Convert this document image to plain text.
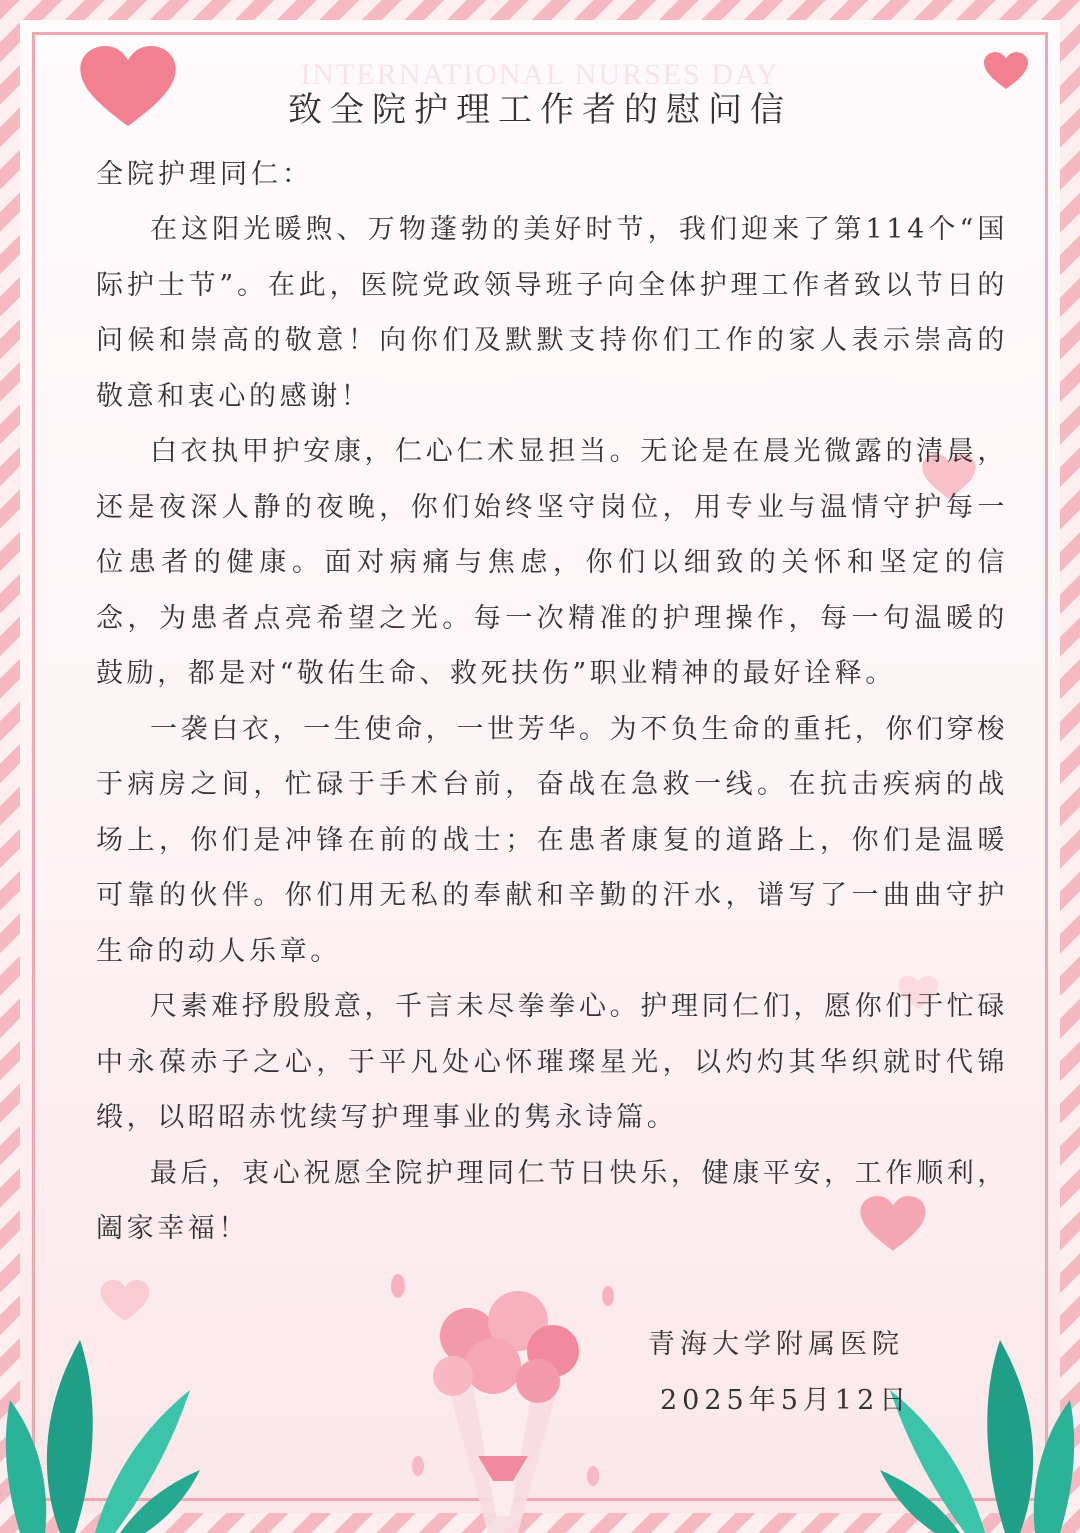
INTERNATIONAL NURSES DAY
致全院护理工作者的慰问信
全院护理同仁：

在这阳光暖煦、万物蓬勃的美好时节，我们迎来了第114个“国际护士节”。在此，医院党政领导班子向全体护理工作者致以节日的问候和崇高的敬意！向你们及默默支持你们工作的家人表示崇高的敬意和衷心的感谢！

白衣执甲护安康，仁心仁术显担当。无论是在晨光微露的清晨，还是夜深人静的夜晚，你们始终坚守岗位，用专业与温情守护每一位患者的健康。面对病痛与焦虑，你们以细致的关怀和坚定的信念，为患者点亮希望之光。每一次精准的护理操作，每一句温暖的鼓励，都是对“敬佑生命、救死扶伤”职业精神的最好诠释。

一袭白衣，一生使命，一世芳华。为不负生命的重托，你们穿梭于病房之间，忙碌于手术台前，奋战在急救一线。在抗击疾病的战场上，你们是冲锋在前的战士；在患者康复的道路上，你们是温暖可靠的伙伴。你们用无私的奉献和辛勤的汗水，谱写了一曲曲守护生命的动人乐章。

尺素难抒殷殷意，千言未尽拳拳心。护理同仁们，愿你们于忙碌中永葆赤子之心，于平凡处心怀璀璨星光，以灼灼其华织就时代锦缎，以昭昭赤忱续写护理事业的隽永诗篇。

最后，衷心祝愿全院护理同仁节日快乐，健康平安，工作顺利，阖家幸福！

青海大学附属医院
2025年5月12日
